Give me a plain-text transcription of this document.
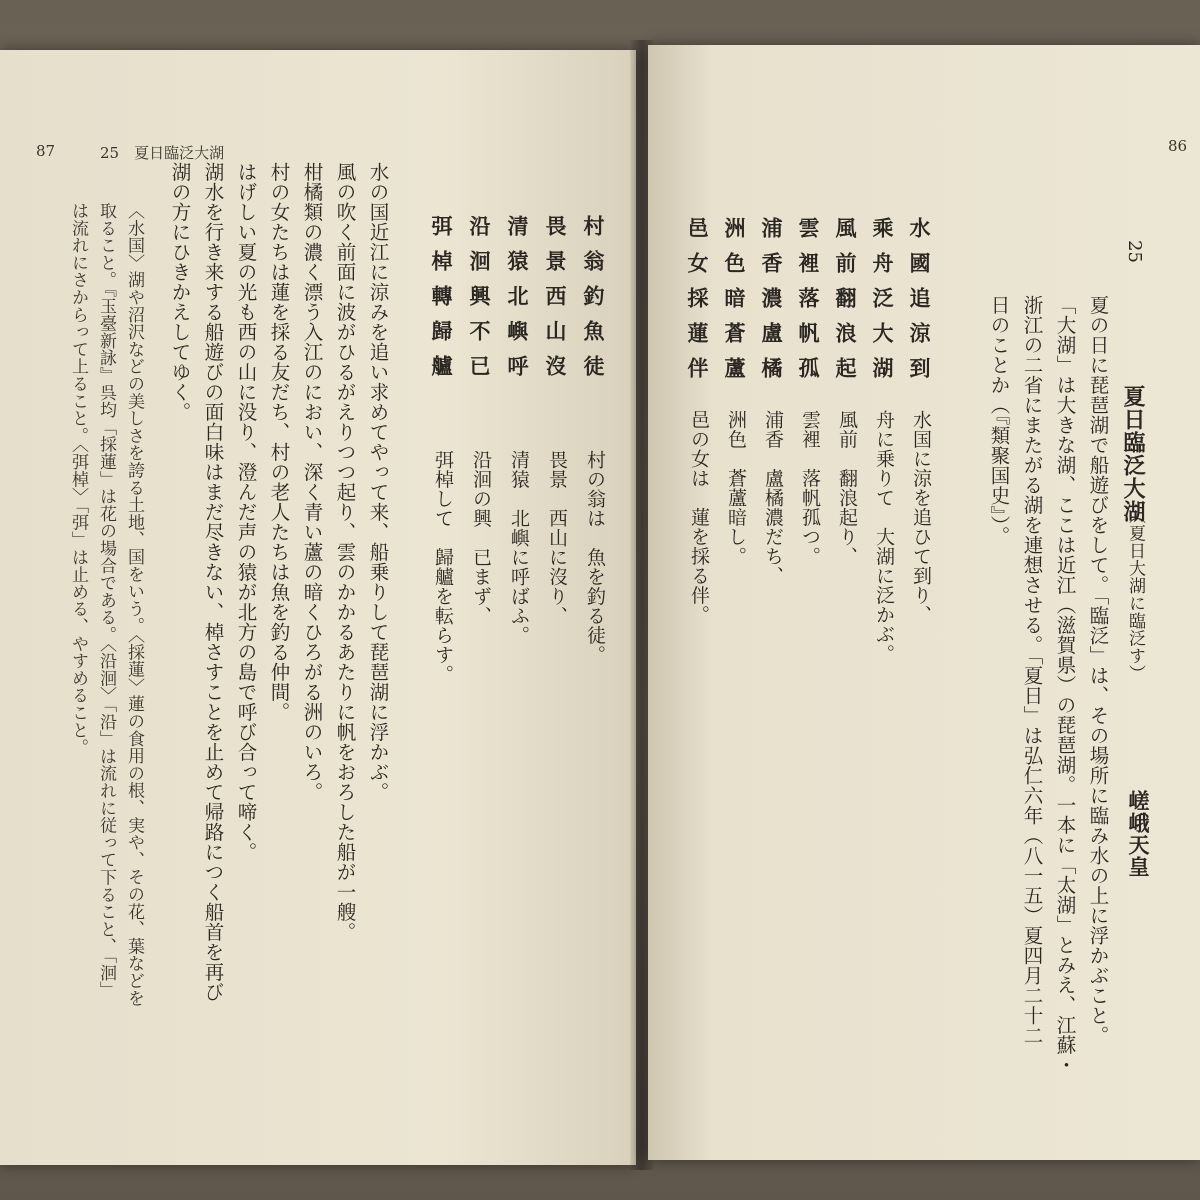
87	25　夏日臨泛大湖
水の国近江に涼みを追い求めてやって来、船乗りして琵琶湖に浮かぶ。
風の吹く前面に波がひるがえりつつ起り、雲のかかるあたりに帆をおろした船が一艘。
柑橘類の濃く漂う入江のにおい、深く青い蘆の暗くひろがる洲のいろ。
村の女たちは蓮を採る友だち、村の老人たちは魚を釣る仲間。
はげしい夏の光も西の山に没り、澄んだ声の猿が北方の島で呼び合って啼く。
湖水を行き来する船遊びの面白味はまだ尽きない、棹さすことを止めて帰路につく船首を再び
湖の方にひきかえしてゆく。
〈水国〉湖や沼沢などの美しさを誇る土地、国をいう。〈採蓮〉蓮の食用の根、実や、その花、葉などを
取ること。『玉臺新詠』呉均「採蓮」は花の場合である。〈沿洄〉「沿」は流れに従って下ること、「洄」
は流れにさからって上ること。〈弭棹〉「弭」は止める、やすめること。	村翁釣魚徒
畏景西山沒
清猿北嶼呼
沿洄興不已
弭棹轉歸艫
村の翁は　魚を釣る徒。
畏景　西山に沒り、
清猿　北嶼に呼ばふ。
沿洄の興　已まず、
弭棹して　歸艫を転らす。
86
25
夏日臨泛大湖
（夏日大湖に臨泛す）
嵯峨天皇
夏の日に琵琶湖で船遊びをして。「臨泛」は、その場所に臨み水の上に浮かぶこと。
「大湖」は大きな湖、ここは近江（滋賀県）の琵琶湖。一本に「太湖」とみえ、江蘇・
浙江の二省にまたがる湖を連想させる。「夏日」は弘仁六年（八一五）夏四月二十二
日のことか（『類聚国史』）。
水國追涼到
乘舟泛大湖
風前翻浪起
雲裡落帆孤
浦香濃盧橘
洲色暗蒼蘆
邑女採蓮伴
水国に涼を追ひて到り、
舟に乗りて　大湖に泛かぶ。
風前　翻浪起り、
雲裡　落帆孤つ。
浦香　盧橘濃だち、
洲色　蒼蘆暗し。
邑の女は　蓮を採る伴。
